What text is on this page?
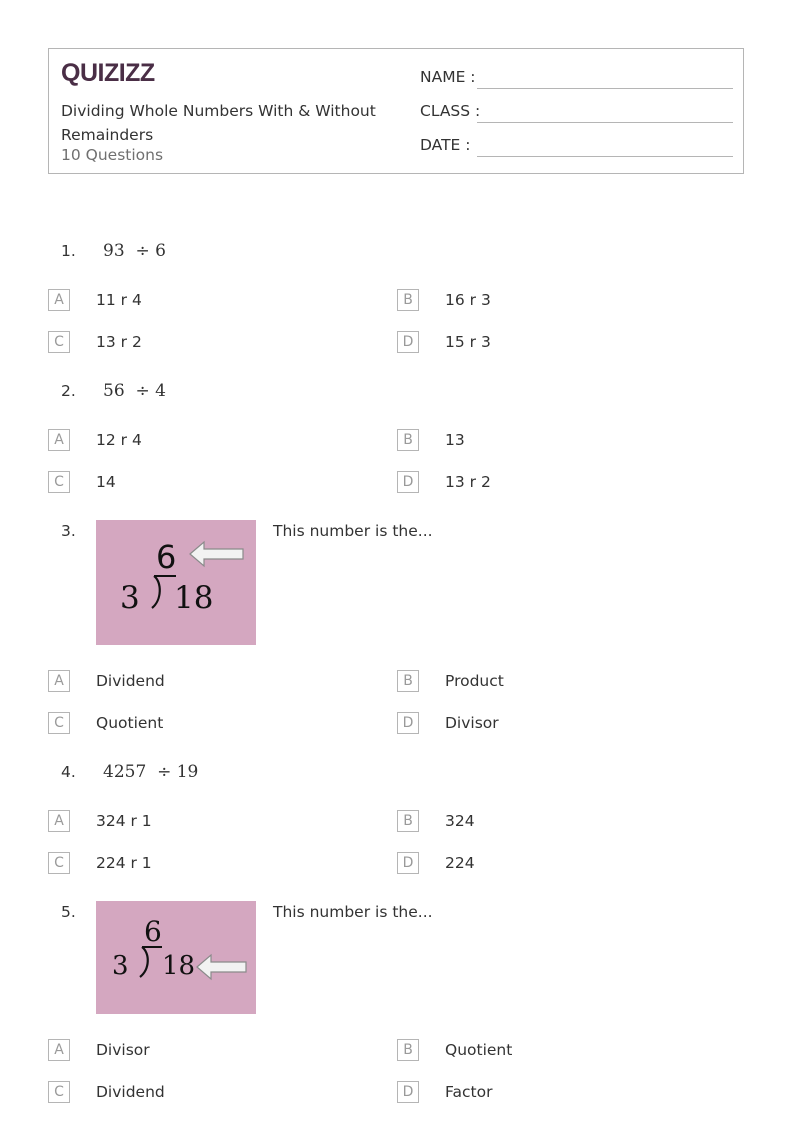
QUIZIZZ
Dividing Whole Numbers With & Without Remainders
10 Questions
NAME :
CLASS :
DATE :
1. 93  ÷ 6
A	11 r 4	B	16 r 3
C	13 r 2	D	15 r 3
2. 56  ÷ 4
A	12 r 4	B	13
C	14	D	13 r 2
3.
6
3 18
This number is the...
A	Dividend	B	Product
C	Quotient	D	Divisor
4. 4257  ÷ 19
A	324 r 1	B	324
C	224 r 1	D	224
5.
6
3 18
This number is the...
A	Divisor	B	Quotient
C	Dividend	D	Factor
